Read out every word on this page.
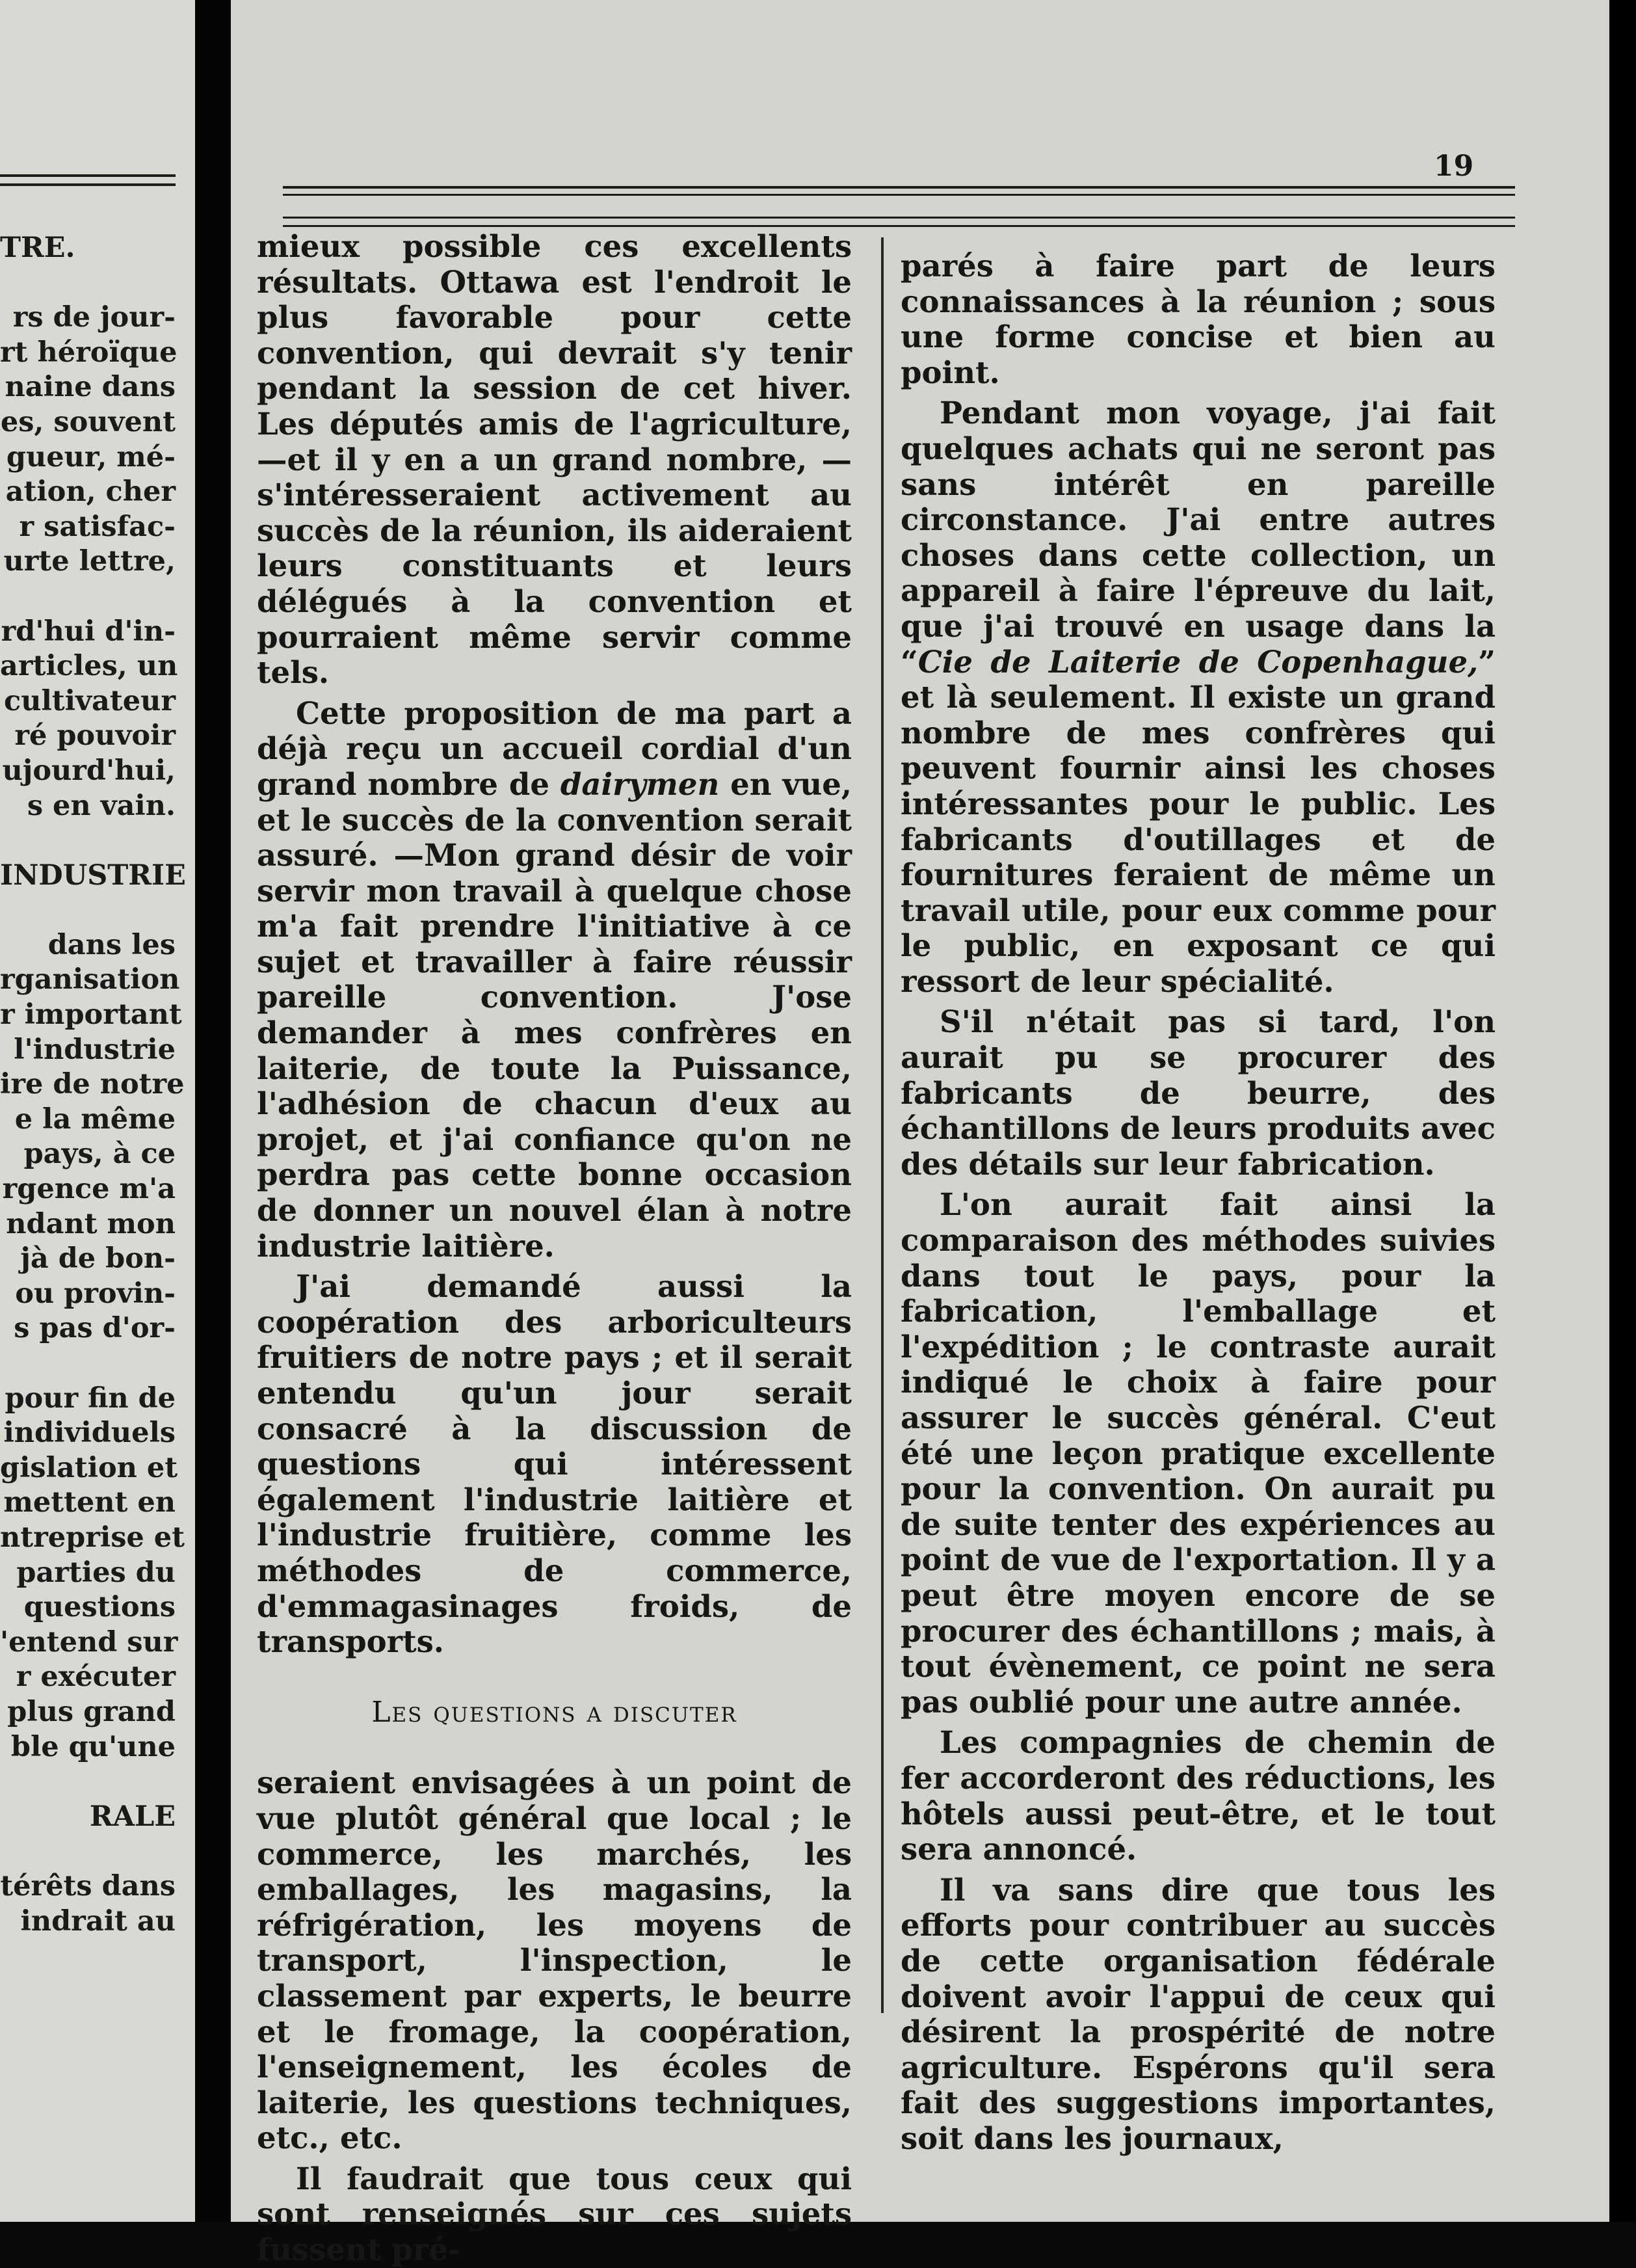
TRE.
rs de jour-
rt héroïque
naine dans
es, souvent
gueur, mé-
ation, cher
r satisfac-
urte lettre,
rd'hui d'in-
articles, un
cultivateur
ré pouvoir
ujourd'hui,
s en vain.
INDUSTRIE
dans les
rganisation
r important
l'industrie
ire de notre
e la même
pays, à ce
rgence m'a
ndant mon
jà de bon-
ou provin-
s pas d'or-
pour fin de
individuels
gislation et
mettent en
ntreprise et
parties du
questions
'entend sur
r exécuter
plus grand
ble qu'une
RALE
térêts dans
indrait au
19

mieux possible ces excellents résultats. Ottawa est l'endroit le plus favorable pour cette convention, qui devrait s'y tenir pendant la session de cet hiver. Les députés amis de l'agriculture,—et il y en a un grand nombre, — s'intéresseraient activement au succès de la réunion, ils aideraient leurs constituants et leurs délégués à la convention et pourraient même servir comme tels.

Cette proposition de ma part a déjà reçu un accueil cordial d'un grand nombre de dairymen en vue, et le succès de la convention serait assuré. —Mon grand désir de voir servir mon travail à quelque chose m'a fait prendre l'initiative à ce sujet et travailler à faire réussir pareille convention. J'ose demander à mes confrères en laiterie, de toute la Puissance, l'adhésion de chacun d'eux au projet, et j'ai confiance qu'on ne perdra pas cette bonne occasion de donner un nouvel élan à notre industrie laitière.

J'ai demandé aussi la coopération des arboriculteurs fruitiers de notre pays ; et il serait entendu qu'un jour serait consacré à la discussion de questions qui intéressent également l'industrie laitière et l'industrie fruitière, comme les méthodes de commerce, d'emmagasinages froids, de transports.

Les questions a discuter

seraient envisagées à un point de vue plutôt général que local ; le commerce, les marchés, les emballages, les magasins, la réfrigération, les moyens de transport, l'inspection, le classement par experts, le beurre et le fromage, la coopération, l'enseignement, les écoles de laiterie, les questions techniques, etc., etc.

Il faudrait que tous ceux qui sont renseignés sur ces sujets fussent pré-

parés à faire part de leurs connaissances à la réunion ; sous une forme concise et bien au point.

Pendant mon voyage, j'ai fait quelques achats qui ne seront pas sans intérêt en pareille circonstance. J'ai entre autres choses dans cette collection, un appareil à faire l'épreuve du lait, que j'ai trouvé en usage dans la “Cie de Laiterie de Copenhague,” et là seulement. Il existe un grand nombre de mes confrères qui peuvent fournir ainsi les choses intéressantes pour le public. Les fabricants d'outillages et de fournitures feraient de même un travail utile, pour eux comme pour le public, en exposant ce qui ressort de leur spécialité.

S'il n'était pas si tard, l'on aurait pu se procurer des fabricants de beurre, des échantillons de leurs produits avec des détails sur leur fabrication.

L'on aurait fait ainsi la comparaison des méthodes suivies dans tout le pays, pour la fabrication, l'emballage et l'expédition ; le contraste aurait indiqué le choix à faire pour assurer le succès général. C'eut été une leçon pratique excellente pour la convention. On aurait pu de suite tenter des expériences au point de vue de l'exportation. Il y a peut être moyen encore de se procurer des échantillons ; mais, à tout évènement, ce point ne sera pas oublié pour une autre année.

Les compagnies de chemin de fer accorderont des réductions, les hôtels aussi peut-être, et le tout sera annoncé.

Il va sans dire que tous les efforts pour contribuer au succès de cette organisation fédérale doivent avoir l'appui de ceux qui désirent la prospérité de notre agriculture. Espérons qu'il sera fait des suggestions importantes, soit dans les journaux,
